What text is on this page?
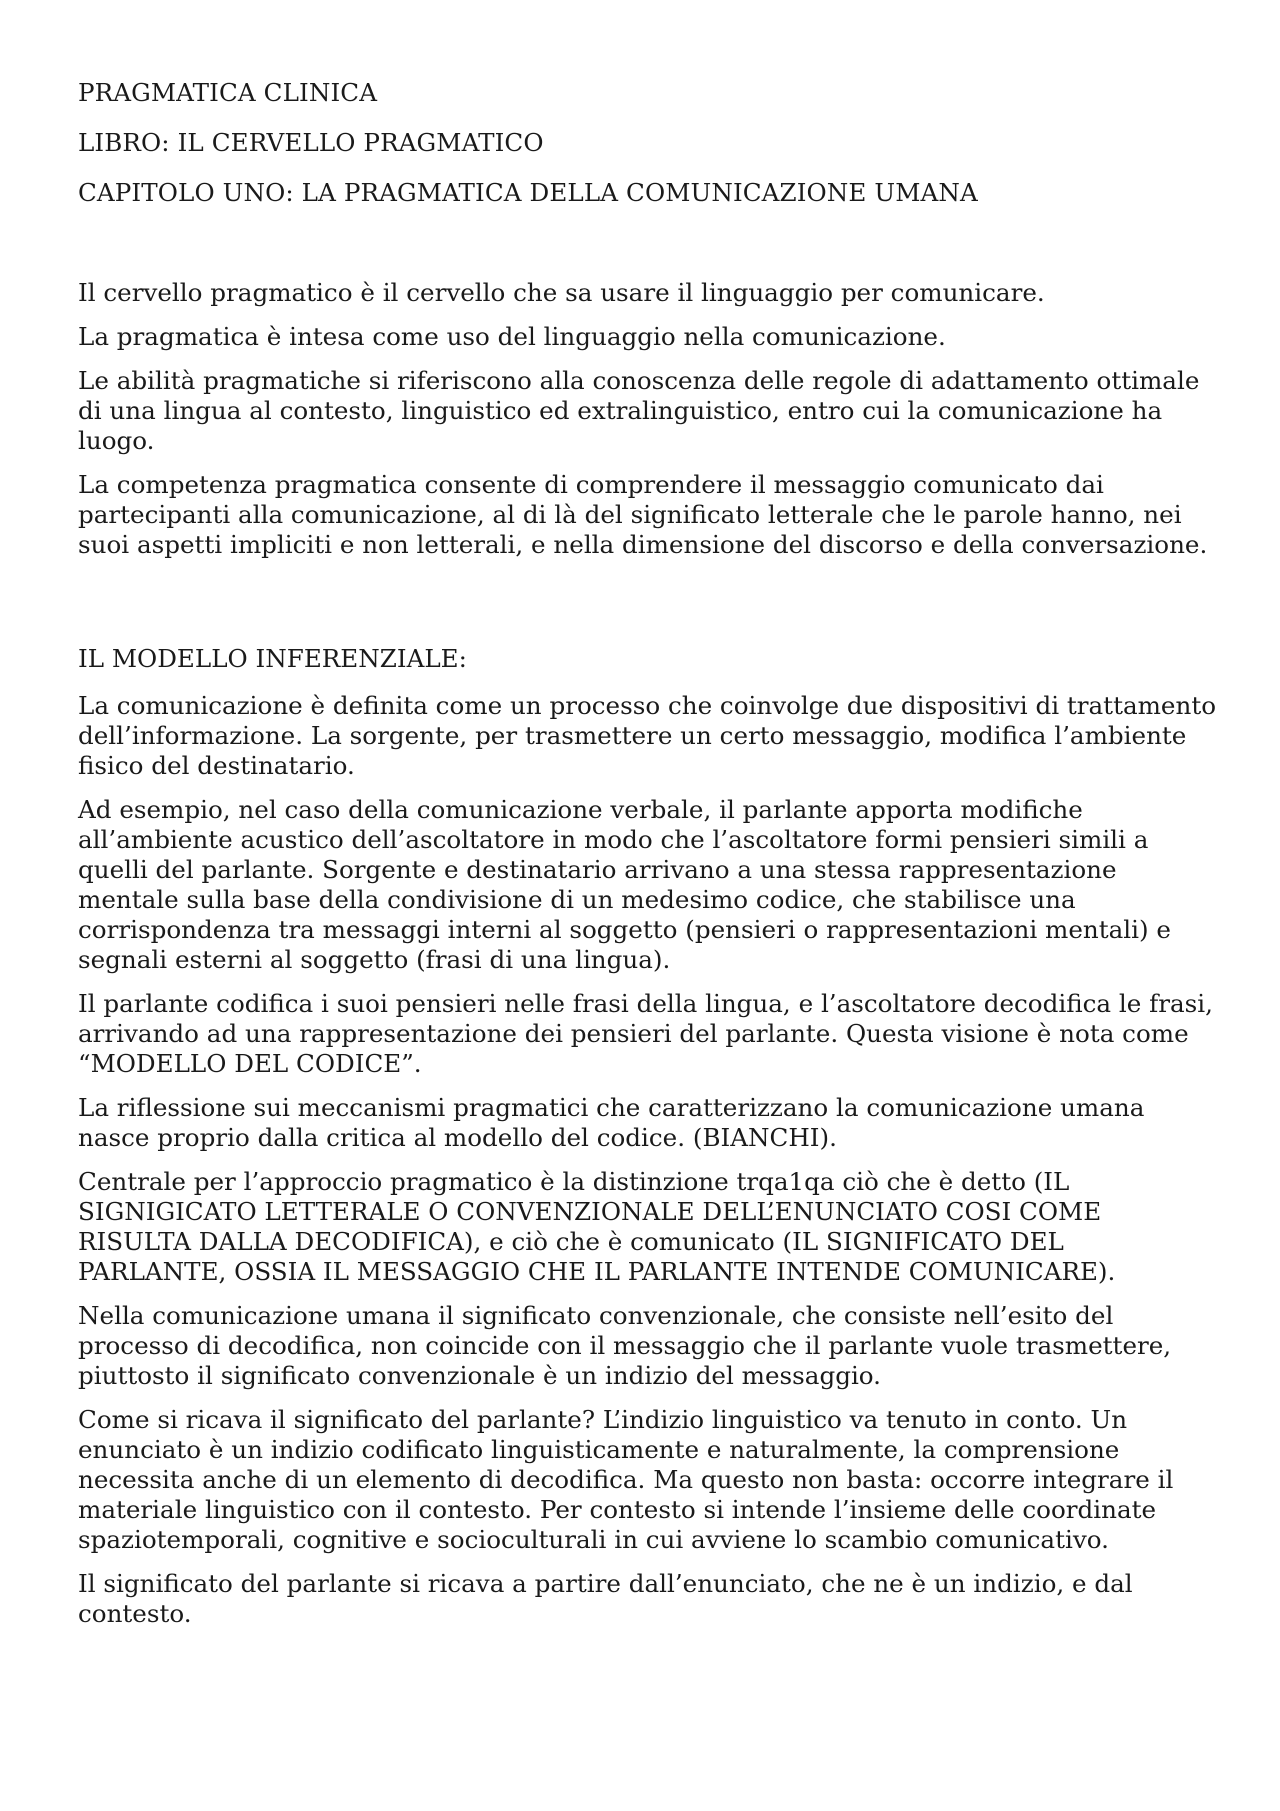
PRAGMATICA CLINICA
LIBRO: IL CERVELLO PRAGMATICO
CAPITOLO UNO: LA PRAGMATICA DELLA COMUNICAZIONE UMANA

Il cervello pragmatico è il cervello che sa usare il linguaggio per comunicare.

La pragmatica è intesa come uso del linguaggio nella comunicazione.

Le abilità pragmatiche si riferiscono alla conoscenza delle regole di adattamento ottimale di una lingua al contesto, linguistico ed extralinguistico, entro cui la comunicazione ha luogo.

La competenza pragmatica consente di comprendere il messaggio comunicato dai partecipanti alla comunicazione, al di là del significato letterale che le parole hanno, nei suoi aspetti impliciti e non letterali, e nella dimensione del discorso e della conversazione.

IL MODELLO INFERENZIALE:

La comunicazione è definita come un processo che coinvolge due dispositivi di trattamento dell’informazione. La sorgente, per trasmettere un certo messaggio, modifica l’ambiente fisico del destinatario.

Ad esempio, nel caso della comunicazione verbale, il parlante apporta modifiche all’ambiente acustico dell’ascoltatore in modo che l’ascoltatore formi pensieri simili a quelli del parlante. Sorgente e destinatario arrivano a una stessa rappresentazione mentale sulla base della condivisione di un medesimo codice, che stabilisce una corrispondenza tra messaggi interni al soggetto (pensieri o rappresentazioni mentali) e segnali esterni al soggetto (frasi di una lingua).

Il parlante codifica i suoi pensieri nelle frasi della lingua, e l’ascoltatore decodifica le frasi, arrivando ad una rappresentazione dei pensieri del parlante. Questa visione è nota come “MODELLO DEL CODICE”.

La riflessione sui meccanismi pragmatici che caratterizzano la comunicazione umana nasce proprio dalla critica al modello del codice. (BIANCHI).

Centrale per l’approccio pragmatico è la distinzione trqa1qa ciò che è detto (IL SIGNIGICATO LETTERALE O CONVENZIONALE DELL’ENUNCIATO COSI COME RISULTA DALLA DECODIFICA), e ciò che è comunicato (IL SIGNIFICATO DEL PARLANTE, OSSIA IL MESSAGGIO CHE IL PARLANTE INTENDE COMUNICARE).

Nella comunicazione umana il significato convenzionale, che consiste nell’esito del processo di decodifica, non coincide con il messaggio che il parlante vuole trasmettere, piuttosto il significato convenzionale è un indizio del messaggio.

Come si ricava il significato del parlante? L’indizio linguistico va tenuto in conto. Un enunciato è un indizio codificato linguisticamente e naturalmente, la comprensione necessita anche di un elemento di decodifica. Ma questo non basta: occorre integrare il materiale linguistico con il contesto. Per contesto si intende l’insieme delle coordinate spaziotemporali, cognitive e socioculturali in cui avviene lo scambio comunicativo.

Il significato del parlante si ricava a partire dall’enunciato, che ne è un indizio, e dal contesto.
